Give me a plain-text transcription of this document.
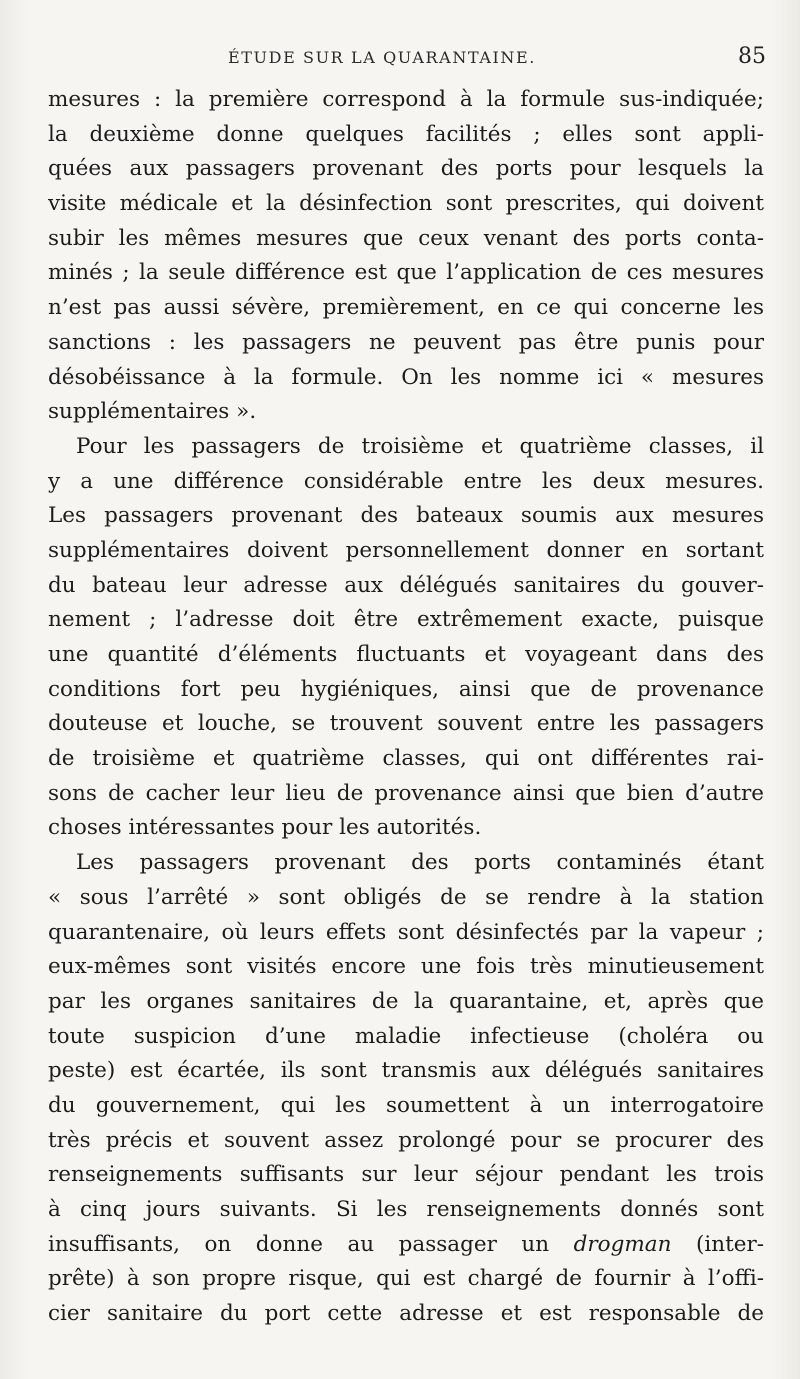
ÉTUDE SUR LA QUARANTAINE.	85
mesures : la première correspond à la formule sus-indiquée;
la deuxième donne quelques facilités ; elles sont appli-
quées aux passagers provenant des ports pour lesquels la
visite médicale et la désinfection sont prescrites, qui doivent
subir les mêmes mesures que ceux venant des ports conta-
minés ; la seule différence est que l’application de ces mesures
n’est pas aussi sévère, premièrement, en ce qui concerne les
sanctions : les passagers ne peuvent pas être punis pour
désobéissance à la formule. On les nomme ici « mesures
supplémentaires ».
Pour les passagers de troisième et quatrième classes, il
y a une différence considérable entre les deux mesures.
Les passagers provenant des bateaux soumis aux mesures
supplémentaires doivent personnellement donner en sortant
du bateau leur adresse aux délégués sanitaires du gouver-
nement ; l’adresse doit être extrêmement exacte, puisque
une quantité d’éléments fluctuants et voyageant dans des
conditions fort peu hygiéniques, ainsi que de provenance
douteuse et louche, se trouvent souvent entre les passagers
de troisième et quatrième classes, qui ont différentes rai-
sons de cacher leur lieu de provenance ainsi que bien d’autre
choses intéressantes pour les autorités.
Les passagers provenant des ports contaminés étant
« sous l’arrêté » sont obligés de se rendre à la station
quarantenaire, où leurs effets sont désinfectés par la vapeur ;
eux-mêmes sont visités encore une fois très minutieusement
par les organes sanitaires de la quarantaine, et, après que
toute suspicion d’une maladie infectieuse (choléra ou
peste) est écartée, ils sont transmis aux délégués sanitaires
du gouvernement, qui les soumettent à un interrogatoire
très précis et souvent assez prolongé pour se procurer des
renseignements suffisants sur leur séjour pendant les trois
à cinq jours suivants. Si les renseignements donnés sont
insuffisants, on donne au passager un drogman (inter-
prête) à son propre risque, qui est chargé de fournir à l’offi-
cier sanitaire du port cette adresse et est responsable de
